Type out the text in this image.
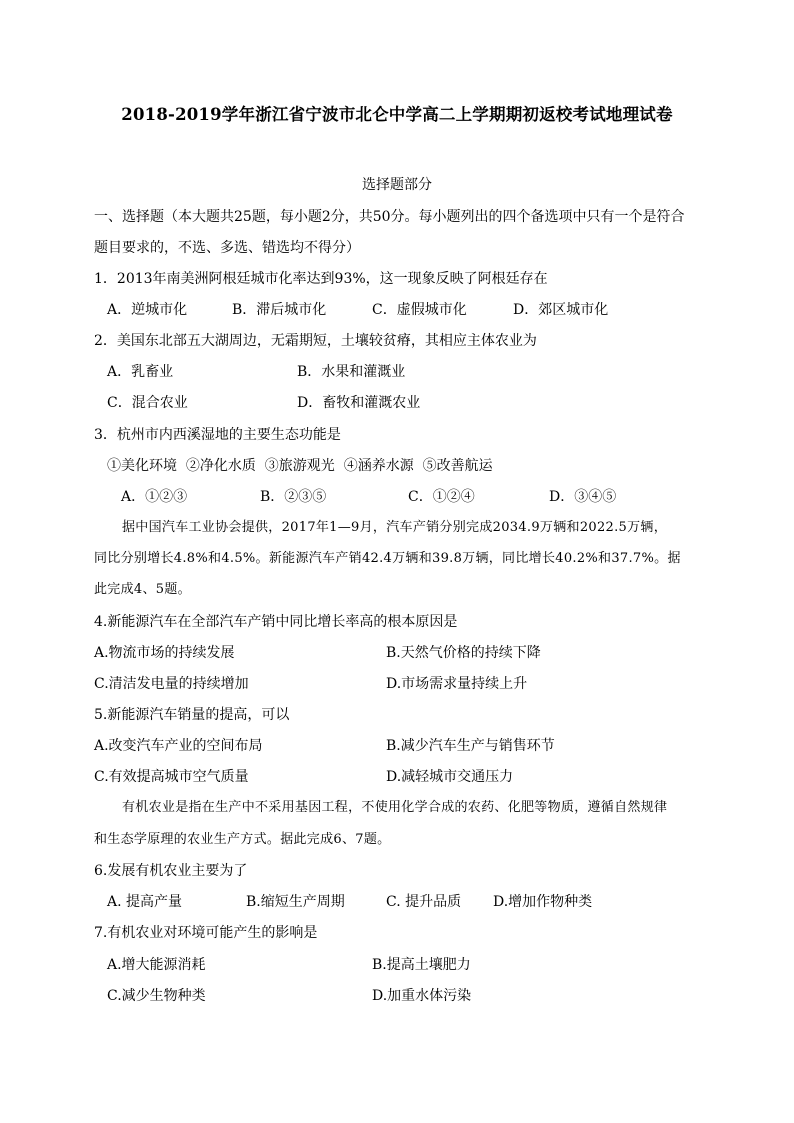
2018-2019学年浙江省宁波市北仑中学高二上学期期初返校考试地理试卷
选择题部分
一、选择题（本大题共25题，每小题2分，共50分。每小题列出的四个备选项中只有一个是符合
题目要求的，不选、多选、错选均不得分）
1．2013年南美洲阿根廷城市化率达到93%，这一现象反映了阿根廷存在
A．逆城市化	B．滞后城市化	C．虚假城市化	D．郊区城市化
2．美国东北部五大湖周边，无霜期短，土壤较贫瘠，其相应主体农业为
A．乳畜业	B．水果和灌溉业
C．混合农业	D．畜牧和灌溉农业
3．杭州市内西溪湿地的主要生态功能是
①美化环境  ②净化水质  ③旅游观光  ④涵养水源  ⑤改善航运
A．①②③	B．②③⑤	C．①②④	D．③④⑤
据中国汽车工业协会提供，2017年1—9月，汽车产销分别完成2034.9万辆和2022.5万辆，
同比分别增长4.8%和4.5%。新能源汽车产销42.4万辆和39.8万辆，同比增长40.2%和37.7%。据
此完成4、5题。
4.新能源汽车在全部汽车产销中同比增长率高的根本原因是
A.物流市场的持续发展	B.天然气价格的持续下降
C.清洁发电量的持续增加	D.市场需求量持续上升
5.新能源汽车销量的提高，可以
A.改变汽车产业的空间布局	B.减少汽车生产与销售环节
C.有效提高城市空气质量	D.减轻城市交通压力
有机农业是指在生产中不采用基因工程，不使用化学合成的农药、化肥等物质，遵循自然规律
和生态学原理的农业生产方式。据此完成6、7题。
6.发展有机农业主要为了
A. 提高产量	B.缩短生产周期	C. 提升品质 D.增加作物种类
7.有机农业对环境可能产生的影响是
A.增大能源消耗	B.提高土壤肥力
C.减少生物种类	D.加重水体污染
